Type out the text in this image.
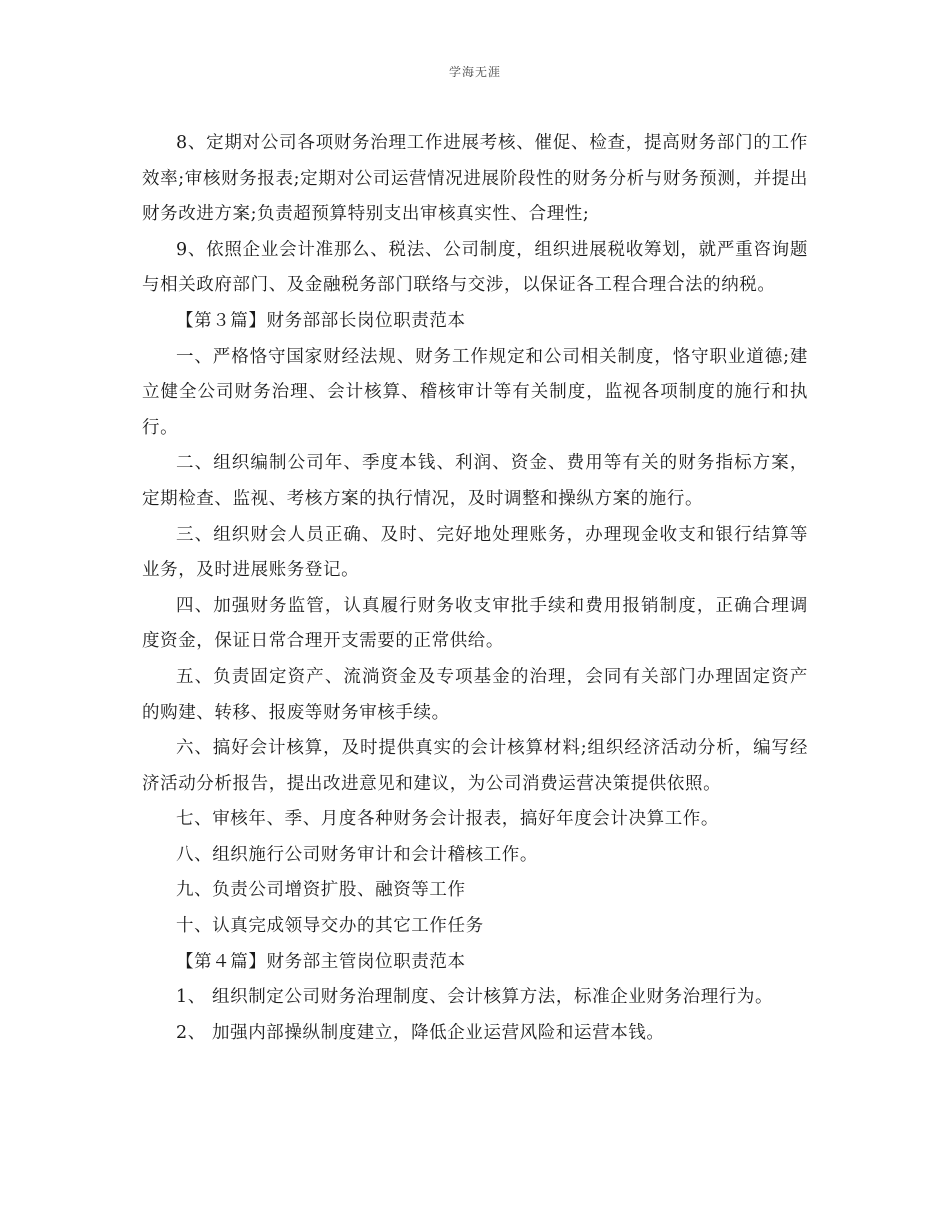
学海无涯

8、定期对公司各项财务治理工作进展考核、催促、检查，提高财务部门的工作效率;审核财务报表;定期对公司运营情况进展阶段性的财务分析与财务预测，并提出财务改进方案;负责超预算特别支出审核真实性、合理性;

9、依照企业会计准那么、税法、公司制度，组织进展税收筹划，就严重咨询题与相关政府部门、及金融税务部门联络与交涉，以保证各工程合理合法的纳税。

【第３篇】财务部部长岗位职责范本

一、严格恪守国家财经法规、财务工作规定和公司相关制度，恪守职业道德;建立健全公司财务治理、会计核算、稽核审计等有关制度，监视各项制度的施行和执行。

二、组织编制公司年、季度本钱、利润、资金、费用等有关的财务指标方案，定期检查、监视、考核方案的执行情况，及时调整和操纵方案的施行。

三、组织财会人员正确、及时、完好地处理账务，办理现金收支和银行结算等业务，及时进展账务登记。

四、加强财务监管，认真履行财务收支审批手续和费用报销制度，正确合理调度资金，保证日常合理开支需要的正常供给。

五、负责固定资产、流淌资金及专项基金的治理，会同有关部门办理固定资产的购建、转移、报废等财务审核手续。

六、搞好会计核算，及时提供真实的会计核算材料;组织经济活动分析，编写经济活动分析报告，提出改进意见和建议，为公司消费运营决策提供依照。

七、审核年、季、月度各种财务会计报表，搞好年度会计决算工作。

八、组织施行公司财务审计和会计稽核工作。

九、负责公司增资扩股、融资等工作

十、认真完成领导交办的其它工作任务

【第４篇】财务部主管岗位职责范本

1、 组织制定公司财务治理制度、会计核算方法，标准企业财务治理行为。

2、 加强内部操纵制度建立，降低企业运营风险和运营本钱。
